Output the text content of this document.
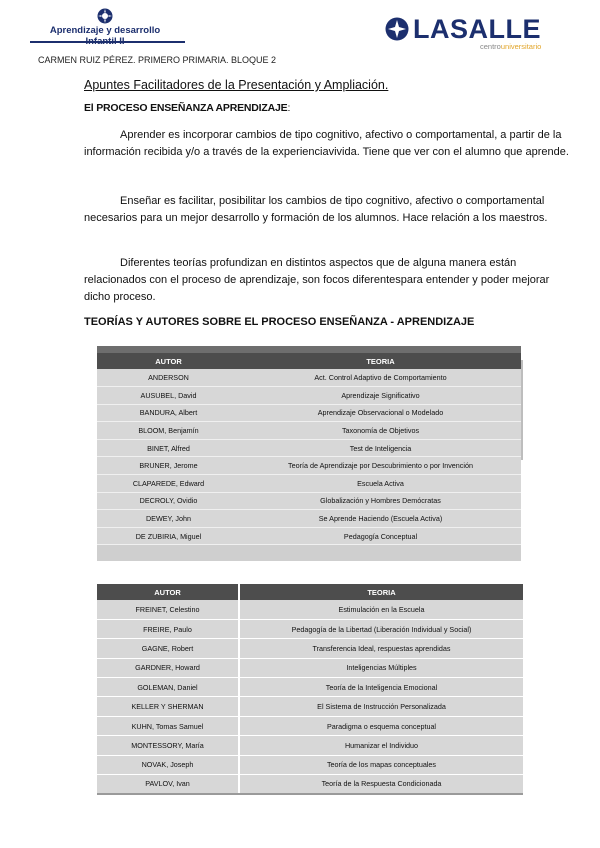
Aprendizaje y desarrollo	LASALLE
centrouniversitario
CARMEN RUIZ PÉREZ. PRIMERO PRIMARIA. BLOQUE 2
Apuntes Facilitadores de la Presentación y Ampliación.
El PROCESO ENSEÑANZA APRENDIZAJE:
Aprender es incorporar cambios de tipo cognitivo, afectivo o comportamental, a partir de la información recibida y/o a través de la experienciavivida. Tiene que ver con el alumno que aprende.
Enseñar es facilitar, posibilitar los cambios de tipo cognitivo, afectivo o comportamental necesarios para un mejor desarrollo y formación de los alumnos. Hace relación a los maestros.
Diferentes teorías profundizan en distintos aspectos que de alguna manera están relacionados con el proceso de aprendizaje, son focos diferentespara entender y poder mejorar dicho proceso.
TEORÍAS Y AUTORES SOBRE EL PROCESO ENSEÑANZA - APRENDIZAJE
AUTOR	TEORIA
ANDERSON	Act. Control Adaptivo de Comportamiento
AUSUBEL, David	Aprendizaje Significativo
BANDURA, Albert	Aprendizaje Observacional o Modelado
BLOOM, Benjamín	Taxonomía de Objetivos
BINET, Alfred	Test de Inteligencia
BRUNER, Jerome	Teoría de Aprendizaje por Descubrimiento o por Invención
CLAPAREDE, Edward	Escuela Activa
DECROLY, Ovidio	Globalización y Hombres Demócratas
DEWEY, John	Se Aprende Haciendo (Escuela Activa)
DE ZUBIRIA, Miguel	Pedagogía Conceptual

AUTOR	TEORIA
FREINET, Celestino	Estimulación en la Escuela
FREIRE, Paulo	Pedagogía de la Libertad (Liberación Individual y Social)
GAGNE, Robert	Transferencia Ideal, respuestas aprendidas
GARDNER, Howard	Inteligencias Múltiples
GOLEMAN, Daniel	Teoría de la Inteligencia Emocional
KELLER Y SHERMAN	El Sistema de Instrucción Personalizada
KUHN, Tomas Samuel	Paradigma o esquema conceptual
MONTESSORY, María	Humanizar el Individuo
NOVAK, Joseph	Teoría de los mapas conceptuales
PAVLOV, Ivan	Teoría de la Respuesta Condicionada
